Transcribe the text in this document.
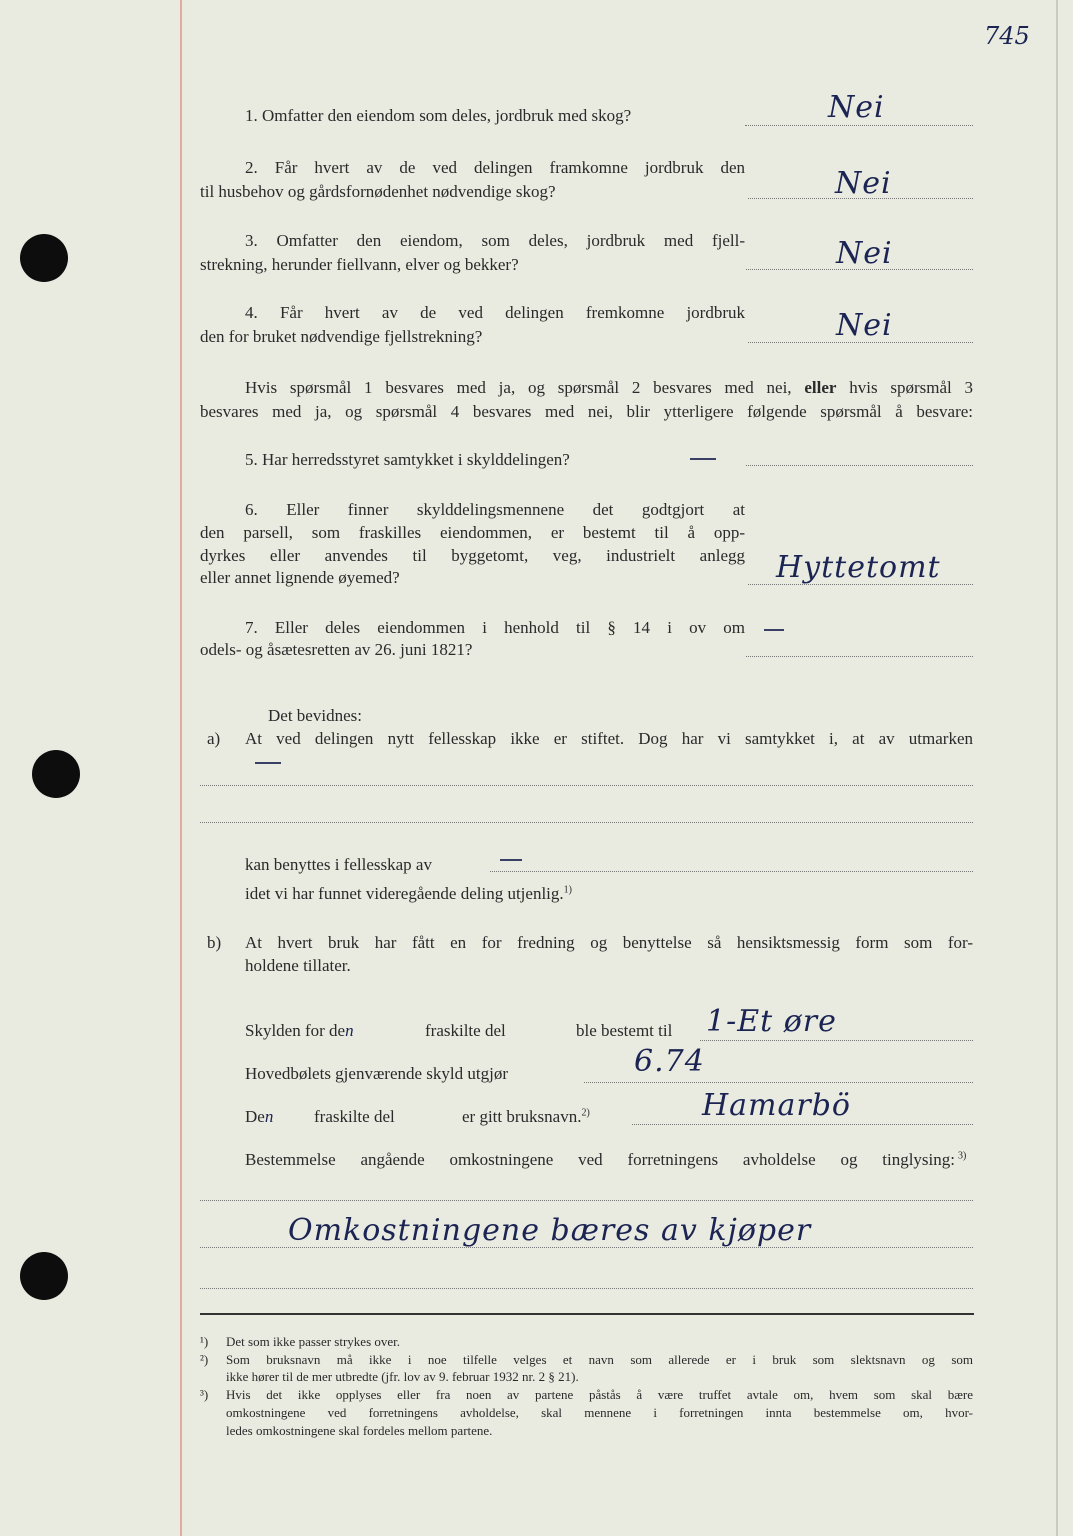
745
1. Omfatter den eiendom som deles, jordbruk med skog?	Nei
2. Får hvert av de ved delingen framkomne jordbruk den
til husbehov og gårdsfornødenhet nødvendige skog?	Nei
3. Omfatter den eiendom, som deles, jordbruk med fjell-
strekning, herunder fiellvann, elver og bekker?	Nei
4. Får hvert av de ved delingen fremkomne jordbruk
den for bruket nødvendige fjellstrekning?	Nei
Hvis spørsmål 1 besvares med ja, og spørsmål 2 besvares med nei, eller hvis spørsmål 3
besvares med ja, og spørsmål 4 besvares med nei, blir ytterligere følgende spørsmål å besvare:
5. Har herredsstyret samtykket i skylddelingen?
6. Eller finner skylddelingsmennene det godtgjort at
den parsell, som fraskilles eiendommen, er bestemt til å opp-
dyrkes eller anvendes til byggetomt, veg, industrielt anlegg
eller annet lignende øyemed?	Hyttetomt
7. Eller deles eiendommen i henhold til § 14 i ov om
odels- og åsætesretten av 26. juni 1821?
Det bevidnes:
a) At ved delingen nytt fellesskap ikke er stiftet. Dog har vi samtykket i, at av utmarken
kan benyttes i fellesskap av
idet vi har funnet videregående deling utjenlig.$^{1)}$
b) At hvert bruk har fått en for fredning og benyttelse så hensiktsmessig form som for-
holdene tillater.
Skylden for den	fraskilte del	ble bestemt til 1-Et øre
Hovedbølets gjenværende skyld utgjør	6.74
Den fraskilte del	er gitt bruksnavn.$^{2)}$	Hamarbö
Bestemmelse angående omkostningene ved forretningens avholdelse og tinglysing: $^{3)}$
Omkostningene bæres av kjøper
¹) Det som ikke passer strykes over.
²) Som bruksnavn må ikke i noe tilfelle velges et navn som allerede er i bruk som slektsnavn og som
ikke hører til de mer utbredte (jfr. lov av 9. februar 1932 nr. 2 § 21).
³) Hvis det ikke opplyses eller fra noen av partene påstås å være truffet avtale om, hvem som skal bære
omkostningene ved forretningens avholdelse, skal mennene i forretningen innta bestemmelse om, hvor-
ledes omkostningene skal fordeles mellom partene.
